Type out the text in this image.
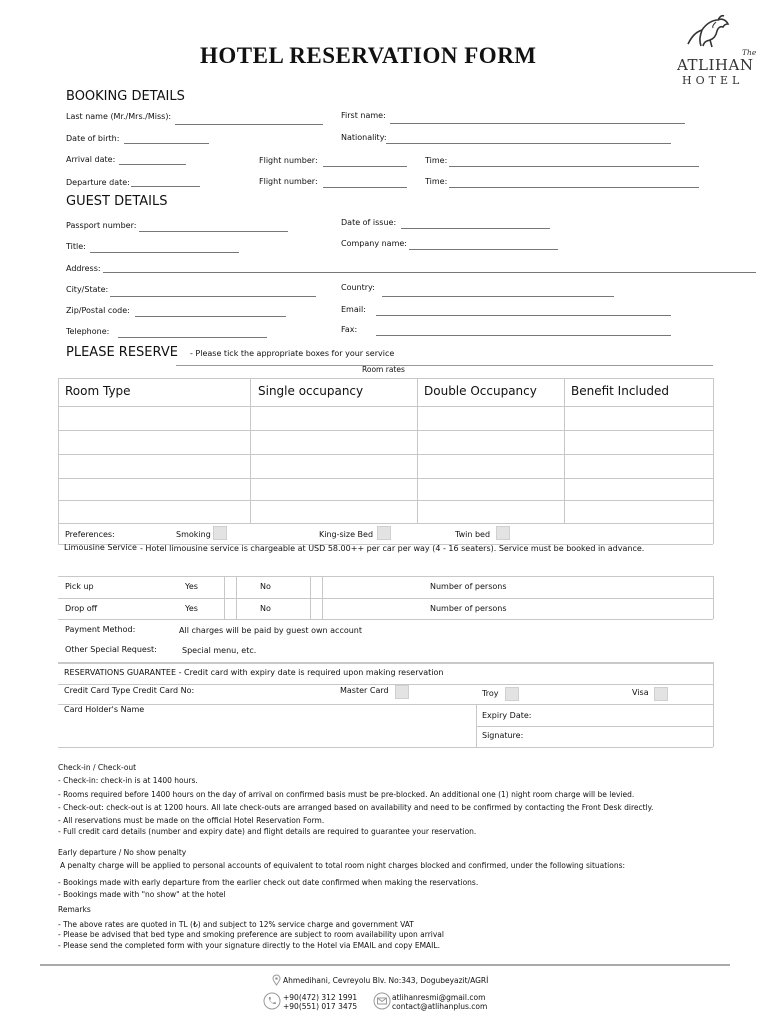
HOTEL RESERVATION FORM	The
ATLIHAN
HOTEL
BOOKING DETAILS
Last name (Mr./Mrs./Miss):	First name:
Date of birth:	Nationality:
Arrival date:	Flight number:	Time:
Departure date:	Flight number:	Time:
GUEST DETAILS
Passport number:	Date of issue:
Title:	Company name:
Address:
City/State:	Country:
Zip/Postal code:	Email:
Telephone:	Fax:
PLEASE RESERVE - Please tick the appropriate boxes for your service
Room rates
Room Type	Single occupancy	Double Occupancy	Benefit Included
Preferences:	Smoking	King-size Bed	Twin bed
Limousine Service - Hotel limousine service is chargeable at USD 58.00++ per car per way (4 - 16 seaters). Service must be booked in advance.
Pick up	Yes	No	Number of persons
Drop off	Yes	No	Number of persons
Payment Method:	All charges will be paid by guest own account
Other Special Request:	Special menu, etc.
RESERVATIONS GUARANTEE - Credit card with expiry date is required upon making reservation
Credit Card Type Credit Card No:	Master Card	Troy	Visa
Card Holder's Name
Expiry Date:
Signature:
Check-in / Check-out
- Check-in: check-in is at 1400 hours.
- Rooms required before 1400 hours on the day of arrival on confirmed basis must be pre-blocked. An additional one (1) night room charge will be levied.
- Check-out: check-out is at 1200 hours. All late check-outs are arranged based on availability and need to be confirmed by contacting the Front Desk directly.
- All reservations must be made on the official Hotel Reservation Form.
- Full credit card details (number and expiry date) and flight details are required to guarantee your reservation.
Early departure / No show penalty
A penalty charge will be applied to personal accounts of equivalent to total room night charges blocked and confirmed, under the following situations:
- Bookings made with early departure from the earlier check out date confirmed when making the reservations.
- Bookings made with "no show" at the hotel
Remarks
- The above rates are quoted in TL (₺) and subject to 12% service charge and government VAT
- Please be advised that bed type and smoking preference are subject to room availability upon arrival
- Please send the completed form with your signature directly to the Hotel via EMAIL and copy EMAIL.
Ahmedihani, Cevreyolu Blv. No:343, Dogubeyazit/AGRİ
+90(472) 312 1991
+90(551) 017 3475
atlihanresmi@gmail.com
contact@atlihanplus.com
